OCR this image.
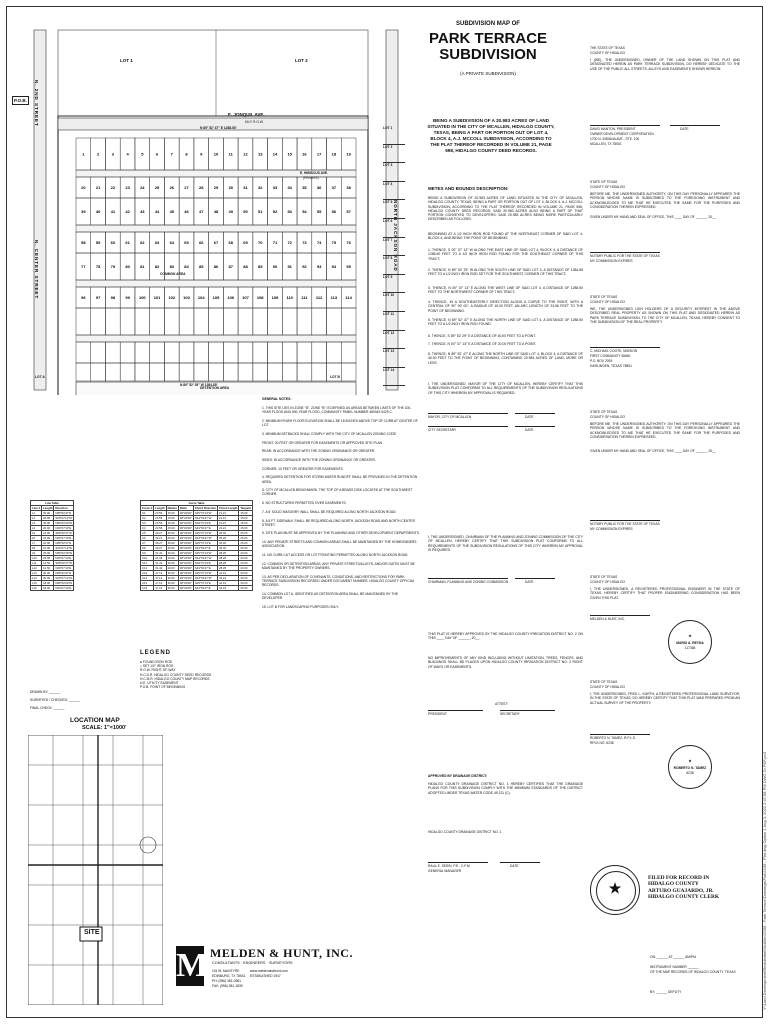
1	2	3	4	5	6	7	8	9	10	11	12	13	14	15	16	17	18	19
20	21	22	23	24	25	26	27	28	29	30	31	32	33	34	35	36	37	38
39	40	41	42	43	44	45	46	47	48	49	50	51	52	53	54	55	56	57
58	59	60	61	62	63	64	65	66	67	68	69	70	71	72	73	74	75	76
77	78	79	80	81	82	83	84	85	86	87	88	89	90	91	92	93	94	95
96	97	98	99 100 101 102 103 104 105 106 107 108 109 110 111 112 113 114
E. JONQUIL AVE.
60.0' R.O.W.
N 89° 52' 47" E 1288.50'
N 89° 52' 29" W 1384.85'
LOT 1	LOT 2
E. HIBISCUS AVE.
(PRIVATE)
DETENTION AREA
COMMON AREA
P.O.B.
LOT A	LOT B
NORTH JACKSON ROAD
N. 2ND STREET
N. CENTER STREET
SUBDIVISION MAP OF
PARK TERRACE
SUBDIVISION
(A PRIVATE SUBDIVISION)
BEING A SUBDIVISION OF A 20.983 ACRES OF LAND SITUATED IN THE CITY OF MCALLEN, HIDALGO COUNTY, TEXAS, BEING A PART OR PORTION OUT OF LOT 4, BLOCK 4, A.J. MCCOLL SUBDIVISION, ACCORDING TO THE PLAT THEREOF RECORDED IN VOLUME 21, PAGE 598, HIDALGO COUNTY DEED RECORDS.
THE STATE OF TEXAS
COUNTY OF HIDALGO
I (WE), THE UNDERSIGNED, OWNER OF THE LAND SHOWN ON THIS PLAT AND DESIGNATED HEREIN AS PARK TERRACE SUBDIVISION, DO HEREBY DEDICATE TO THE USE OF THE PUBLIC ALL STREETS, ALLEYS AND EASEMENTS SHOWN HEREON.
DAVID MANTON, PRESIDENT	DATE
OWNER DEVELOPMENT CORPORATION
1700 N. INDIANA AVE., STE. 100
MCALLEN, TX 78501
STATE OF TEXAS
COUNTY OF HIDALGO
BEFORE ME, THE UNDERSIGNED AUTHORITY, ON THIS DAY PERSONALLY APPEARED THE PERSON WHOSE NAME IS SUBSCRIBED TO THE FOREGOING INSTRUMENT AND ACKNOWLEDGED TO ME THAT HE EXECUTED THE SAME FOR THE PURPOSES AND CONSIDERATION THEREIN EXPRESSED.
GIVEN UNDER MY HAND AND SEAL OF OFFICE, THIS ____ DAY OF ______, 20__.
NOTARY PUBLIC FOR THE STATE OF TEXAS
MY COMMISSION EXPIRES
STATE OF TEXAS
COUNTY OF HIDALGO
WE, THE UNDERSIGNED LIEN HOLDERS OF A SECURITY INTEREST IN THE ABOVE DESCRIBED REAL PROPERTY AS SHOWN ON THIS PLAT AND DESIGNATED HEREIN AS PARK TERRACE SUBDIVISION, TO THE CITY OF MCALLEN, TEXAS, HEREBY CONSENT TO THE SUBDIVISION OF THE REAL PROPERTY.
C. MICHAEL COOTE, MISSION
FIRST COMMUNITY BANK
P.O. BOX 2093
HARLINGEN, TEXAS 78551
STATE OF TEXAS
COUNTY OF HIDALGO
BEFORE ME, THE UNDERSIGNED AUTHORITY, ON THIS DAY PERSONALLY APPEARED THE PERSON WHOSE NAME IS SUBSCRIBED TO THE FOREGOING INSTRUMENT AND ACKNOWLEDGED TO ME THAT HE EXECUTED THE SAME FOR THE PURPOSES AND CONSIDERATION THEREIN EXPRESSED.
GIVEN UNDER MY HAND AND SEAL OF OFFICE, THIS ____ DAY OF ______, 20__.
NOTARY PUBLIC FOR THE STATE OF TEXAS
MY COMMISSION EXPIRES
STATE OF TEXAS
COUNTY OF HIDALGO
I, THE UNDERSIGNED, A REGISTERED PROFESSIONAL ENGINEER IN THE STATE OF TEXAS, HEREBY CERTIFY THAT PROPER ENGINEERING CONSIDERATION HAS BEEN GIVEN THIS PLAT.
MELDEN & HUNT, INC.
★
MARIO A. REYNA
117368
STATE OF TEXAS
COUNTY OF HIDALGO
I, THE UNDERSIGNED, FRED L. KURTH, A REGISTERED PROFESSIONAL LAND SURVEYOR, IN THE STATE OF TEXAS, DO HEREBY CERTIFY THAT THIS PLAT WAS PREPARED FROM AN ACTUAL SURVEY OF THE PROPERTY.
ROBERTO N. TAMEZ, R.P.L.S.
RPLS NO. 6238
★
ROBERTO N. TAMEZ
6238
★
FILED FOR RECORD IN
HIDALGO COUNTY
ARTURO GUAJARDO, JR.
HIDALGO COUNTY CLERK
ON: ______ AT ______ AM/PM
INSTRUMENT NUMBER ______
OF THE MAP RECORDS OF HIDALGO COUNTY, TEXAS
BY: ______ DEPUTY	Y:\Land Development\Residential\McAllen\2168 - Park Terrace\Drawings\Plat\2168 - Plat.dwg Option 1 Aug 3, 2022 2:47:58 PM DWG To PDF.pc3
LOT 1
LOT 2
LOT 3
LOT 4
LOT 5
LOT 6
LOT 7
LOT 8
LOT 9
LOT 10
LOT 11
LOT 12
LOT 13
LOT 14
METES AND BOUNDS DESCRIPTION:
BEING A SUBDIVISION OF 20.983 ACRES OF LAND SITUATED IN THE CITY OF MCALLEN, HIDALGO COUNTY, TEXAS, BEING A PART OR PORTION OUT OF LOT 4, BLOCK 4, A.J. MCCOLL SUBDIVISION, ACCORDING TO THE PLAT THEREOF RECORDED IN VOLUME 21, PAGE 598, HIDALGO COUNTY DEED RECORDS; SAID 20.983 ACRES ALSO BEING A PART OF THAT PORTION CONVEYED TO DEVELOPERS; SAID 20.983 ACRES BEING MORE PARTICULARLY DESCRIBED AS FOLLOWS:
BEGINNING AT A 1/2 INCH IRON ROD FOUND AT THE NORTHEAST CORNER OF SAID LOT 4, BLOCK 4, AND BEING THE POINT OF BEGINNING;
1. THENCE, S 00° 07' 13" W ALONG THE EAST LINE OF SAID LOT 4, BLOCK 4, A DISTANCE OF 1288.50 FEET TO A 1/2 INCH IRON ROD FOUND FOR THE SOUTHEAST CORNER OF THIS TRACT;
2. THENCE, N 89° 52' 29" W ALONG THE SOUTH LINE OF SAID LOT 4, A DISTANCE OF 1384.85 FEET TO A 1/2 INCH IRON ROD SET FOR THE SOUTHWEST CORNER OF THIS TRACT;
3. THENCE, N 00° 07' 13" E ALONG THE WEST LINE OF SAID LOT 4, A DISTANCE OF 1288.50 FEET TO THE NORTHWEST CORNER OF THIS TRACT;
4. THENCE, IN A SOUTHEASTERLY DIRECTION ALONG A CURVE TO THE RIGHT, WITH A CENTRAL OF 90° 00' 00", A RADIUS OF 15.00 FEET, AN ARC LENGTH OF 23.56 FEET TO THE POINT OF BEGINNING.
5. THENCE, N 89° 52' 47" E ALONG THE NORTH LINE OF SAID LOT 4, A DISTANCE OF 1288.50 FEET TO A 1/2 INCH IRON ROD FOUND.
6. THENCE, S 89° 52' 29" E A DISTANCE OF 40.00 FEET TO A POINT.
7. THENCE, N 00° 07' 13" E A DISTANCE OF 20.00 FEET TO A POINT.
8. THENCE, N 89° 52' 47" E ALONG THE NORTH LINE OF SAID LOT 4, BLOCK 4, A DISTANCE OF 40.00 FEET TO THE POINT OF BEGINNING, CONTAINING 20.983 ACRES OF LAND, MORE OR LESS.
I, THE UNDERSIGNED, MAYOR OF THE CITY OF MCALLEN, HEREBY CERTIFY THAT THIS SUBDIVISION PLAT CONFORMS TO ALL REQUIREMENTS OF THE SUBDIVISION REGULATIONS OF THIS CITY WHEREIN MY APPROVAL IS REQUIRED.
MAYOR, CITY OF MCALLEN	DATE
CITY SECRETARY	DATE
I, THE UNDERSIGNED, CHAIRMAN OF THE PLANNING AND ZONING COMMISSION OF THE CITY OF MCALLEN, HEREBY CERTIFY THAT THIS SUBDIVISION PLAT CONFORMS TO ALL REQUIREMENTS OF THE SUBDIVISION REGULATIONS OF THIS CITY WHEREIN MY APPROVAL IS REQUIRED.
CHAIRMAN, PLANNING AND ZONING COMMISSION	DATE
THIS PLAT IS HEREBY APPROVED BY THE HIDALGO COUNTY IRRIGATION DISTRICT NO. 2 ON THIS ____ DAY OF ______, 20__.
NO IMPROVEMENTS OF ANY KIND INCLUDING WITHOUT LIMITATION, TREES, FENCES, AND BUILDINGS SHALL BE PLACED UPON HIDALGO COUNTY IRRIGATION DISTRICT NO. 2 RIGHT OF WAYS OR EASEMENTS.
ATTEST:
PRESIDENT	SECRETARY
APPROVED BY DRAINAGE DISTRICT:
HIDALGO COUNTY DRAINAGE DISTRICT NO. 1 HEREBY CERTIFIES THAT THE DRAINAGE PLANS FOR THIS SUBDIVISION COMPLY WITH THE MINIMUM STANDARDS OF THE DISTRICT ADOPTED UNDER TEXAS WATER CODE 49.211 (C).
HIDALGO COUNTY DRAINAGE DISTRICT NO. 1
RAUL E. SESIN, P.E., C.F.M.	DATE
GENERAL MANAGER
GENERAL NOTES:
1. THIS SITE LIES IN ZONE "B". ZONE "B" IS DEFINED AS AREAS BETWEEN LIMITS OF THE 100-YEAR FLOOD AND 500-YEAR FLOOD, COMMUNITY PANEL NUMBER 480343 0425 C.
2. MINIMUM FINISH FLOOR ELEVATION SHALL BE 18 INCHES ABOVE TOP OF CURB AT CENTER OF LOT.
3. MINIMUM SETBACKS SHALL COMPLY WITH THE CITY OF MCALLEN ZONING CODE.
FRONT: 20 FEET OR GREATER FOR EASEMENTS OR APPROVED SITE PLAN.
REAR: IN ACCORDANCE WITH THE ZONING ORDINANCE OR GREATER.
SIDES: IN ACCORDANCE WITH THE ZONING ORDINANCE OR GREATER.
CORNER: 10 FEET OR GREATER FOR EASEMENTS.
4. REQUIRED DETENTION FOR STORM WATER RUNOFF SHALL BE PROVIDED IN THE DETENTION AREA.
5. CITY OF MCALLEN BENCHMARK: THE TOP OF A BRASS DISK LOCATED AT THE SOUTHWEST CORNER.
6. NO STRUCTURES PERMITTED OVER EASEMENTS.
7. A 6' SOLID MASONRY WALL SHALL BE REQUIRED ALONG NORTH JACKSON ROAD.
8. A 5 FT. SIDEWALK SHALL BE REQUIRED ALONG NORTH JACKSON ROAD AND NORTH CENTER STREET.
9. SITE PLAN MUST BE APPROVED BY THE PLANNING AND OTHER DEVELOPMENT DEPARTMENTS.
10. ANY PRIVATE STREETS AND COMMON AREAS SHALL BE MAINTAINED BY THE HOMEOWNERS ASSOCIATION.
11. NO CURB CUT ACCESS OR LOT FRONTING PERMITTED ALONG NORTH JACKSON ROAD.
12. COMMON OR DETENTION AREAS, ANY PRIVATE STREETS/ALLEYS, AND/OR GATES MUST BE MAINTAINED BY THE PROPERTY OWNERS.
13. AS PER DECLARATION OF COVENANTS, CONDITIONS, AND RESTRICTIONS FOR PARK TERRACE SUBDIVISION RECORDED UNDER DOCUMENT NUMBER, HIDALGO COUNTY OFFICIAL RECORDS.
14. COMMON LOT A, IDENTIFIED AS DETENTION AREA SHALL BE MAINTAINED BY THE DEVELOPER.
15. LOT B FOR LANDSCAPING PURPOSES ONLY.
Line Table		
Line #	Length	Direction
L1	40.00	N89°52'47"E
L2	20.00	S00°07'13"W
L3	40.00	N89°52'29"W
L4	20.00	N00°07'13"E
L5	15.00	S89°52'47"W
L6	15.00	N00°07'13"E
L7	10.00	N89°52'47"E
L8	10.00	S00°07'13"W
L9	25.00	N89°52'29"W
L10	25.00	N00°07'13"E
L11	12.50	S89°52'47"W
L12	12.50	N00°07'13"E
L13	30.00	N89°52'47"E
L14	30.00	S00°07'13"W
L15	18.00	N89°52'29"W
L16	18.00	N00°07'13"E
Curve Table						
Curve #	Length	Radius	Delta	Chord Direction	Chord Length	Tangent
C1	23.56	15.00	90°00'00"	S45°07'13"W	21.21	15.00
C2	23.56	15.00	90°00'00"	N44°52'47"W	21.21	15.00
C3	23.56	15.00	90°00'00"	N45°07'13"E	21.21	15.00
C4	23.56	15.00	90°00'00"	S44°52'47"E	21.21	15.00
C5	39.27	25.00	90°00'00"	S45°07'13"W	35.36	25.00
C6	39.27	25.00	90°00'00"	N44°52'47"W	35.36	25.00
C7	39.27	25.00	90°00'00"	N45°07'13"E	35.36	25.00
C8	39.27	25.00	90°00'00"	S44°52'47"E	35.36	25.00
C9	31.42	20.00	90°00'00"	S45°07'13"W	28.28	20.00
C10	31.42	20.00	90°00'00"	N44°52'47"W	28.28	20.00
C11	31.42	20.00	90°00'00"	N45°07'13"E	28.28	20.00
C12	31.42	20.00	90°00'00"	S44°52'47"E	28.28	20.00
C13	47.12	30.00	90°00'00"	S45°07'13"W	42.43	30.00
C14	47.12	30.00	90°00'00"	N44°52'47"W	42.43	30.00
C15	47.12	30.00	90°00'00"	N45°07'13"E	42.43	30.00
C16	47.12	30.00	90°00'00"	S44°52'47"E	42.43	30.00
LEGEND
● FOUND IRON ROD
○ SET 1/2" IRON ROD
R.O.W. RIGHT-OF-WAY
H.C.D.R. HIDALGO COUNTY DEED RECORDS
H.C.M.R. HIDALGO COUNTY MAP RECORDS
U.E. UTILITY EASEMENT
P.O.B. POINT OF BEGINNING
DRAWN BY: ______
SURVEYED / CHECKED: ______
FINAL CHECK: ______
LOCATION MAP
SCALE: 1"=1000'
SITE
M MELDEN & HUNT, INC.
CONSULTANTS · ENGINEERS · SURVEYORS
115 W. McINTYRE
EDINBURG, TX 78541
PH: (956) 381-0981
FAX: (956) 381-1839
www.meldenandhunt.com
ESTABLISHED 1947
